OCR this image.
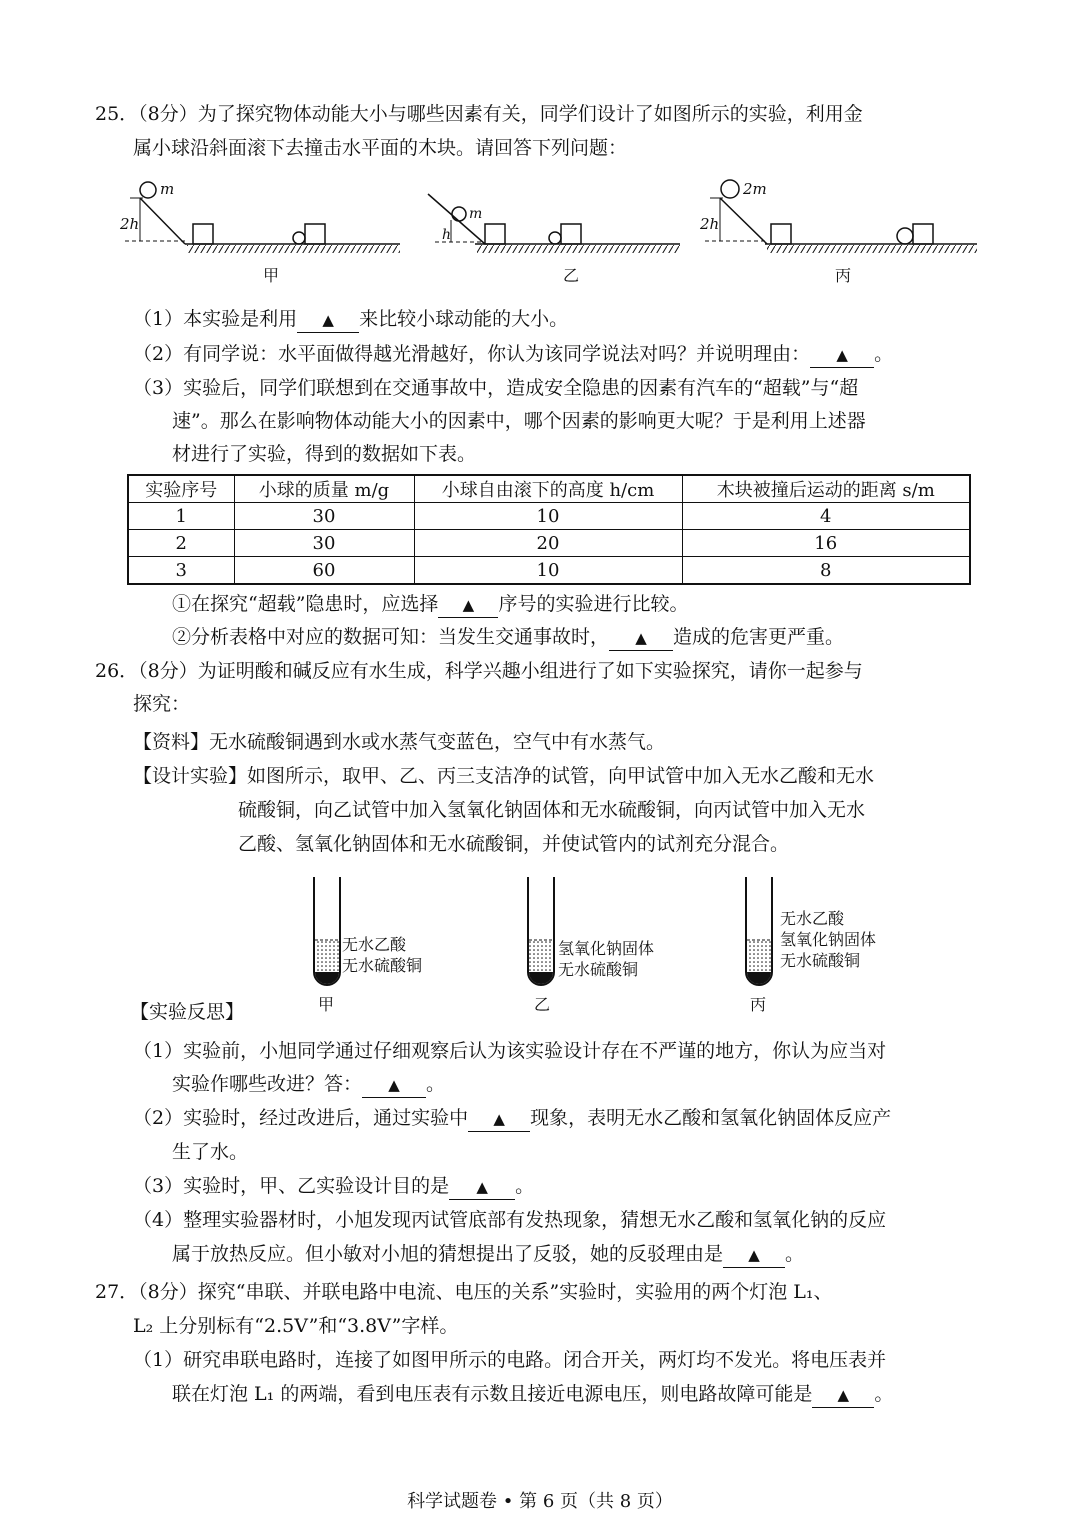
25．（8分）为了探究物体动能大小与哪些因素有关，同学们设计了如图所示的实验，利用金
属小球沿斜面滚下去撞击水平面的木块。请回答下列问题：
m
2h
甲
m
h
乙
2m
2h
丙
（1）本实验是利用 ▲ 来比较小球动能的大小。
（2）有同学说：水平面做得越光滑越好，你认为该同学说法对吗？并说明理由： ▲ 。
（3）实验后，同学们联想到在交通事故中，造成安全隐患的因素有汽车的“超载”与“超
速”。那么在影响物体动能大小的因素中，哪个因素的影响更大呢？于是利用上述器
材进行了实验，得到的数据如下表。
实验序号	小球的质量 m/g	小球自由滚下的高度 h/cm	木块被撞后运动的距离 s/m
1	30	10	4
2	30	20	16
3	60	10	8
①在探究“超载”隐患时，应选择 ▲ 序号的实验进行比较。
②分析表格中对应的数据可知：当发生交通事故时， ▲ 造成的危害更严重。
26．（8分）为证明酸和碱反应有水生成，科学兴趣小组进行了如下实验探究，请你一起参与
探究：
【资料】无水硫酸铜遇到水或水蒸气变蓝色，空气中有水蒸气。
【设计实验】如图所示，取甲、乙、丙三支洁净的试管，向甲试管中加入无水乙酸和无水
硫酸铜，向乙试管中加入氢氧化钠固体和无水硫酸铜，向丙试管中加入无水
乙酸、氢氧化钠固体和无水硫酸铜，并使试管内的试剂充分混合。
无水乙酸
无水硫酸铜
甲
氢氧化钠固体
无水硫酸铜
乙
无水乙酸
氢氧化钠固体
无水硫酸铜
丙
【实验反思】
（1）实验前，小旭同学通过仔细观察后认为该实验设计存在不严谨的地方，你认为应当对
实验作哪些改进？答： ▲ 。
（2）实验时，经过改进后，通过实验中 ▲ 现象，表明无水乙酸和氢氧化钠固体反应产
生了水。
（3）实验时，甲、乙实验设计目的是 ▲ 。
（4）整理实验器材时，小旭发现丙试管底部有发热现象，猜想无水乙酸和氢氧化钠的反应
属于放热反应。但小敏对小旭的猜想提出了反驳，她的反驳理由是 ▲ 。
27．（8分）探究“串联、并联电路中电流、电压的关系”实验时，实验用的两个灯泡 L₁、
L₂ 上分别标有“2.5V”和“3.8V”字样。
（1）研究串联电路时，连接了如图甲所示的电路。闭合开关，两灯均不发光。将电压表并
联在灯泡 L₁ 的两端，看到电压表有示数且接近电源电压，则电路故障可能是 ▲ 。
科学试题卷 • 第 6 页（共 8 页）
